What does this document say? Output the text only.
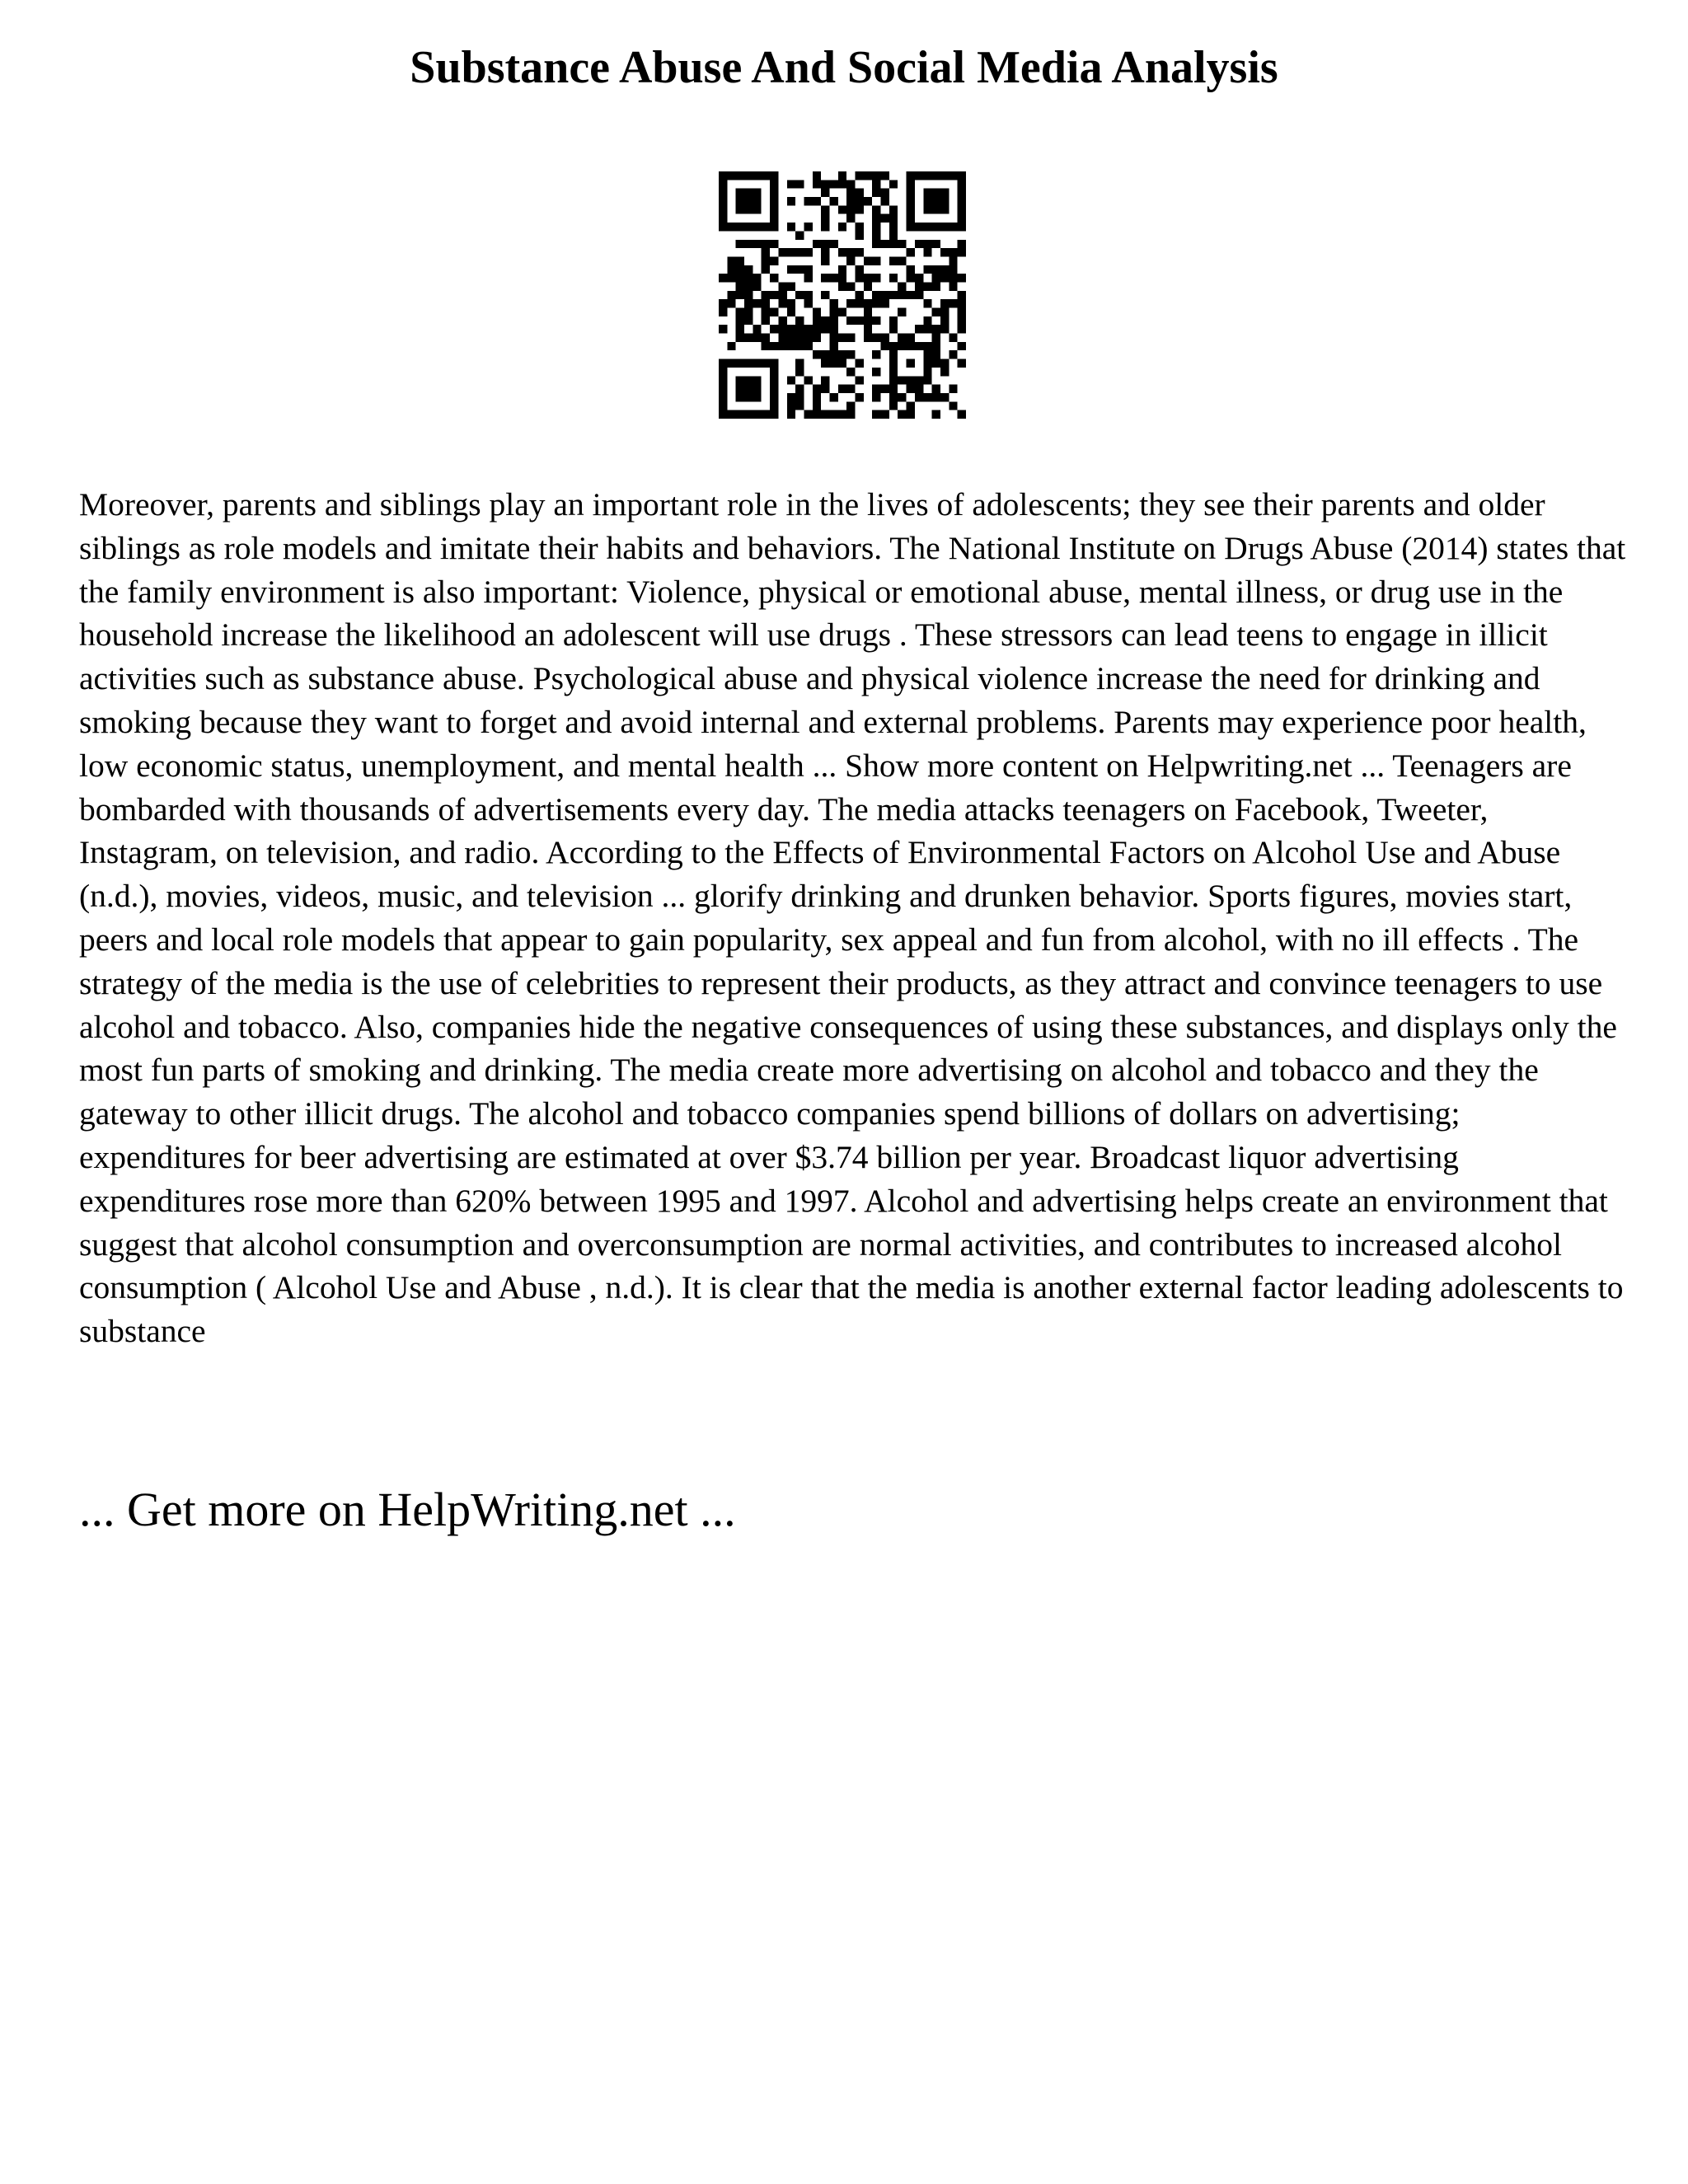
Substance Abuse And Social Media Analysis

Moreover, parents and siblings play an important role in the lives of adolescents; they see their parents and older siblings as role models and imitate their habits and behaviors. The National Institute on Drugs Abuse (2014) states that the family environment is also important: Violence, physical or emotional abuse, mental illness, or drug use in the household increase the likelihood an adolescent will use drugs . These stressors can lead teens to engage in illicit activities such as substance abuse. Psychological abuse and physical violence increase the need for drinking and smoking because they want to forget and avoid internal and external problems. Parents may experience poor health, low economic status, unemployment, and mental health ... Show more content on Helpwriting.net ... Teenagers are bombarded with thousands of advertisements every day. The media attacks teenagers on Facebook, Tweeter, Instagram, on television, and radio. According to the Effects of Environmental Factors on Alcohol Use and Abuse (n.d.), movies, videos, music, and television ... glorify drinking and drunken behavior. Sports figures, movies start, peers and local role models that appear to gain popularity, sex appeal and fun from alcohol, with no ill effects . The strategy of the media is the use of celebrities to represent their products, as they attract and convince teenagers to use alcohol and tobacco. Also, companies hide the negative consequences of using these substances, and displays only the most fun parts of smoking and drinking. The media create more advertising on alcohol and tobacco and they the gateway to other illicit drugs. The alcohol and tobacco companies spend billions of dollars on advertising; expenditures for beer advertising are estimated at over $3.74 billion per year. Broadcast liquor advertising expenditures rose more than 620% between 1995 and 1997. Alcohol and advertising helps create an environment that suggest that alcohol consumption and overconsumption are normal activities, and contributes to increased alcohol consumption ( Alcohol Use and Abuse , n.d.). It is clear that the media is another external factor leading adolescents to substance

... Get more on HelpWriting.net ...
